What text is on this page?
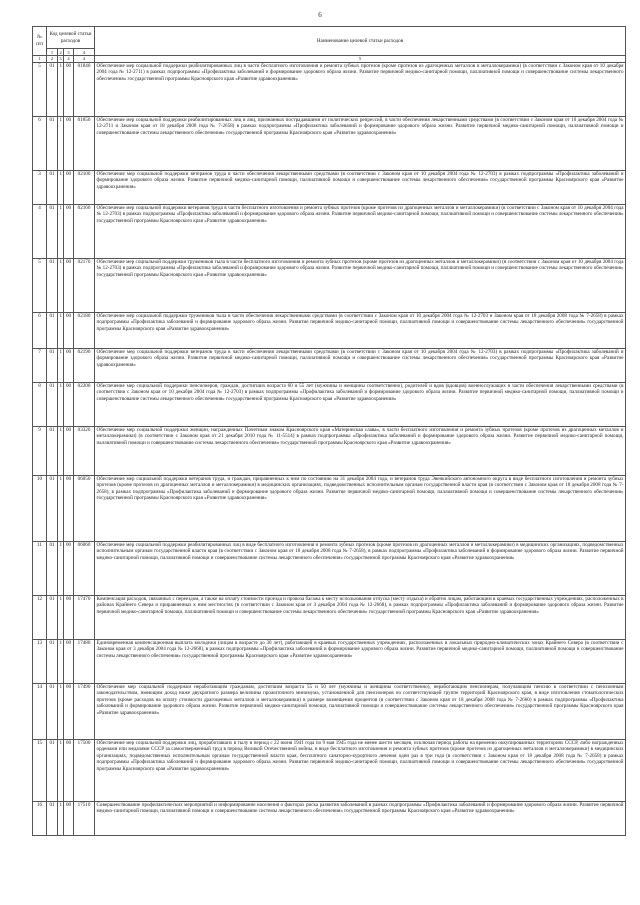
6
№ п/п	Код целевой статьи расходов				Наименование целевой статьи расходов
	1	2	3	4	
1	2	3	4	4	5
5	01	1	00	01840	Обеспечение мер социальной поддержки реабилитированных лиц в части бесплатного изготовления и ремонта зубных протезов (кроме протезов из драгоценных металлов и металлокерамики) (в соответствии с Законом края от 10 декабря 2004 года № 12-2711) в рамках подпрограммы «Профилактика заболеваний и формирование здорового образа жизни. Развитие первичной медико-санитарной помощи, паллиативной помощи и совершенствование системы лекарственного обеспечения» государственной программы Красноярского края «Развитие здравоохранения»
6	01	1	00	01850	Обеспечение мер социальной поддержки реабилитированных лиц и лиц, признанных пострадавшими от политических репрессий, в части обеспечения лекарственными средствами (в соответствии с Законом края от 10 декабря 2004 года № 12-2711 и Законом края от 18 декабря 2008 года № 7-2658) в рамках подпрограммы «Профилактика заболеваний и формирование здорового образа жизни. Развитие первичной медико-санитарной помощи, паллиативной помощи и совершенствование системы лекарственного обеспечения» государственной программы Красноярского края «Развитие здравоохранения»
3	01	1	00	02100	Обеспечение мер социальной поддержки ветеранов труда в части обеспечения лекарственными средствами (в соответствии с Законом края от 10 декабря 2004 года № 12-2703) в рамках подпрограммы «Профилактика заболеваний и формирование здорового образа жизни. Развитие первичной медико-санитарной помощи, паллиативной помощи и совершенствование системы лекарственного обеспечения» государственной программы Красноярского края «Развитие здравоохранения»
4	01	1	00	02160	Обеспечение мер социальной поддержки ветеранов труда в части бесплатного изготовления и ремонта зубных протезов (кроме протезов из драгоценных металлов и металлокерамики) (в соответствии с Законом края от 10 декабря 2004 года № 12-2703) в рамках подпрограммы «Профилактика заболеваний и формирование здорового образа жизни. Развитие первичной медико-санитарной помощи, паллиативной помощи и совершенствование системы лекарственного обеспечения» государственной программы Красноярского края «Развитие здравоохранения»
5	01	1	00	02170	Обеспечение мер социальной поддержки тружеников тыла в части бесплатного изготовления и ремонта зубных протезов (кроме протезов из драгоценных металлов и металлокерамики) (в соответствии с Законом края от 10 декабря 2004 года № 12-2703) в рамках подпрограммы «Профилактика заболеваний и формирование здорового образа жизни. Развитие первичной медико-санитарной помощи, паллиативной помощи и совершенствование системы лекарственного обеспечения» государственной программы Красноярского края «Развитие здравоохранения»
6	01	1	00	02180	Обеспечение мер социальной поддержки тружеников тыла в части обеспечения лекарственными средствами (в соответствии с Законом края от 10 декабря 2004 года № 12-2703 и Законом края от 18 декабря 2008 года № 7-2658) в рамках подпрограммы «Профилактика заболеваний и формирование здорового образа жизни. Развитие первичной медико-санитарной помощи, паллиативной помощи и совершенствование системы лекарственного обеспечения» государственной программы Красноярского края «Развитие здравоохранения»
7	01	1	00	02190	Обеспечение мер социальной поддержки ветеранов труда в части обеспечения лекарственными средствами (в соответствии с Законом края от 10 декабря 2004 года № 12-2703) в рамках подпрограммы «Профилактика заболеваний и формирование здорового образа жизни. Развитие первичной медико-санитарной помощи, паллиативной помощи и совершенствование системы лекарственного обеспечения» государственной программы Красноярского края «Развитие здравоохранения»
8	01	1	00	02200	Обеспечение мер социальной поддержки пенсионеров, граждан, достигших возраста 60 и 55 лет (мужчины и женщины соответственно), родителей и вдов (вдовцов) военнослужащих в части обеспечения лекарственными средствами (в соответствии с Законом края от 10 декабря 2004 года № 12-2703) в рамках подпрограммы «Профилактика заболеваний и формирование здорового образа жизни. Развитие первичной медико-санитарной помощи, паллиативной помощи и совершенствование системы лекарственного обеспечения» государственной программы Красноярского края «Развитие здравоохранения»
9	01	1	00	03320	Обеспечение мер социальной поддержки женщин, награжденных Почетным знаком Красноярского края «Материнская слава», в части бесплатного изготовления и ремонта зубных протезов (кроме протезов из драгоценных металлов и металлокерамики) (в соответствии с Законом края от 21 декабря 2010 года № 11-5514) в рамках подпрограммы «Профилактика заболеваний и формирование здорового образа жизни. Развитие первичной медико-санитарной помощи, паллиативной помощи и совершенствование системы лекарственного обеспечения» государственной программы Красноярского края «Развитие здравоохранения»
10	01	1	00	06050	Обеспечение мер социальной поддержки ветеранов труда, и граждан, приравненных к ним по состоянию на 31 декабря 2004 года, и ветеранов труда Эвенкийского автономного округа в виде бесплатного изготовления и ремонта зубных протезов (кроме протезов из драгоценных металлов и металлокерамики) в медицинских организациях, подведомственных исполнительным органам государственной власти края (в соответствии с Законом края от 18 декабря 2008 года № 7-2658), в рамках подпрограммы «Профилактика заболеваний и формирование здорового образа жизни. Развитие первичной медико-санитарной помощи, паллиативной помощи и совершенствование системы лекарственного обеспечения» государственной программы Красноярского края «Развитие здравоохранения»
11	01	1	00	06060	Обеспечение мер социальной поддержки реабилитированных лиц в виде бесплатного изготовления и ремонта зубных протезов (кроме протезов из драгоценных металлов и металлокерамики) в медицинских организациях, подведомственных исполнительным органам государственной власти края (в соответствии с Законом края от 18 декабря 2008 года № 7-2658), в рамках подпрограммы «Профилактика заболеваний и формирование здорового образа жизни. Развитие первичной медико-санитарной помощи, паллиативной помощи и совершенствование системы лекарственного обеспечения» государственной программы Красноярского края «Развитие здравоохранения»
12	01	1	00	17470	Компенсация расходов, связанных с переездом, а также на оплату стоимости проезда и провоза багажа к месту использования отпуска (месту отдыха) и обратно лицам, работающим в краевых государственных учреждениях, расположенных в районах Крайнего Севера и приравненных к ним местностях (в соответствии с Законом края от 3 декабря 2004 года № 12-2668), в рамках подпрограммы «Профилактика заболеваний и формирование здорового образа жизни. Развитие первичной медико-санитарной помощи, паллиативной помощи и совершенствование системы лекарственного обеспечения» государственной программы Красноярского края «Развитие здравоохранения»
13	01	1	00	17480	Единовременная компенсационная выплата молодежи (лицам в возрасте до 30 лет), работающей в краевых государственных учреждениях, расположенных в локальных природно-климатических зонах Крайнего Севера (в соответствии с Законом края от 3 декабря 2004 года № 12-2668), в рамках подпрограммы «Профилактика заболеваний и формирование здорового образа жизни. Развитие первичной медико-санитарной помощи, паллиативной помощи и совершенствование системы лекарственного обеспечения» государственной программы Красноярского края «Развитие здравоохранения»
14	01	1	00	17490	Обеспечение мер социальной поддержки неработающим гражданам, достигшим возраста 55 и 50 лет (мужчины и женщины соответственно), неработающим пенсионерам, получающим пенсию в соответствии с пенсионным законодательством, имеющим доход ниже двукратного размера величины прожиточного минимума, установленной для пенсионеров по соответствующей группе территорий Красноярского края, в виде изготовления стоматологических протезов (кроме расходов на оплату стоимости драгоценных металлов и металлокерамики) в размере возмещения процентов (в соответствии с Законом края от 18 декабря 2008 года № 7-2660) в рамках подпрограммы «Профилактика заболеваний и формирование здорового образа жизни. Развитие первичной медико-санитарной помощи, паллиативной помощи и совершенствование системы лекарственного обеспечения» государственной программы Красноярского края «Развитие здравоохранения»
15	01	1	00	17500	Обеспечение мер социальной поддержки лиц, проработавших в тылу в период с 22 июня 1941 года по 9 мая 1945 года не менее шести месяцев, исключая период работы на временно оккупированных территориях СССР, либо награжденных орденами или медалями СССР за самоотверженный труд в период Великой Отечественной войны, в виде бесплатного изготовления и ремонта зубных протезов (кроме протезов из драгоценных металлов и металлокерамики) в медицинских организациях, подведомственных исполнительным органам государственной власти края, бесплатного санаторно-курортного лечения один раз в три года (в соответствии с Законом края от 18 декабря 2008 года № 7-2658) в рамках подпрограммы «Профилактика заболеваний и формирование здорового образа жизни. Развитие первичной медико-санитарной помощи, паллиативной помощи и совершенствование системы лекарственного обеспечения» государственной программы Красноярского края «Развитие здравоохранения»
16	01	1	00	17510	Совершенствование профилактических мероприятий и информирование населения о факторах риска развития заболеваний в рамках подпрограммы «Профилактика заболеваний и формирование здорового образа жизни. Развитие первичной медико-санитарной помощи, паллиативной помощи и совершенствование системы лекарственного обеспечения» государственной программы Красноярского края «Развитие здравоохранения»
